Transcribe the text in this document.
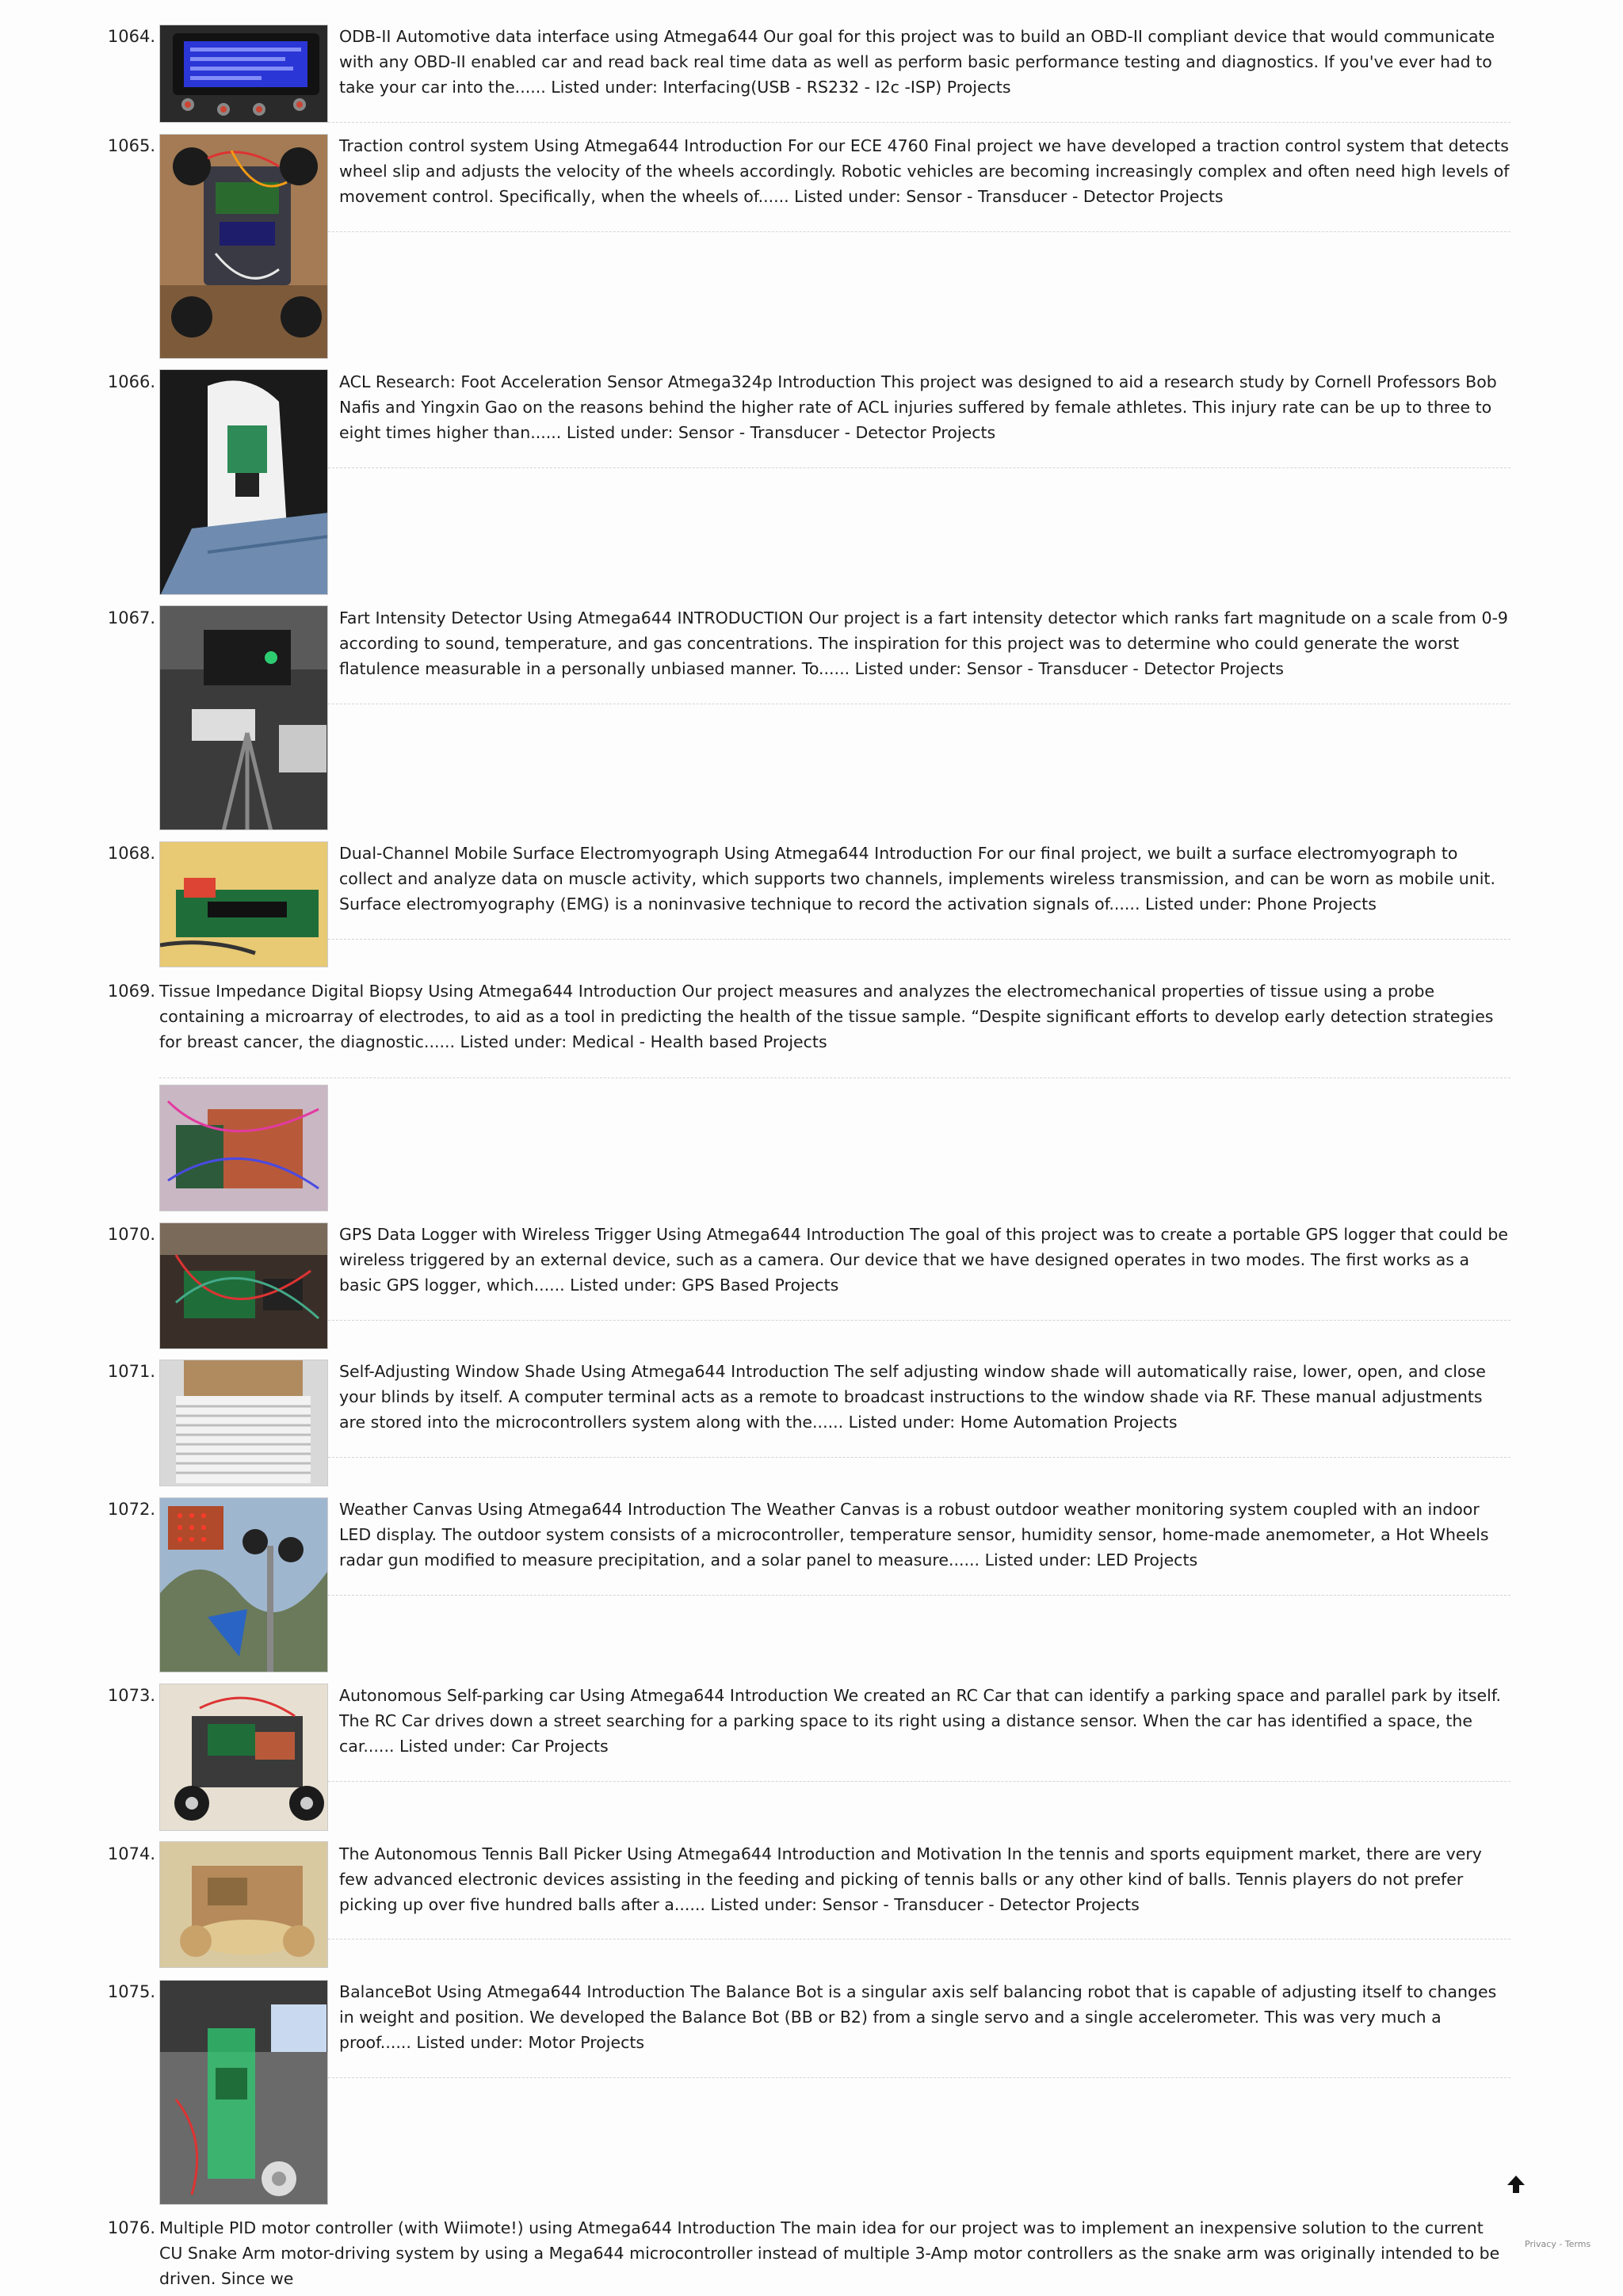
1064.	ODB-II Automotive data interface using Atmega644 Our goal for this project was to build an OBD-II compliant device that would communicate with any OBD-II enabled car and read back real time data as well as perform basic performance testing and diagnostics. If you've ever had to take your car into the...... Listed under: Interfacing(USB - RS232 - I2c -ISP) Projects
1065.	Traction control system Using Atmega644 Introduction For our ECE 4760 Final project we have developed a traction control system that detects wheel slip and adjusts the velocity of the wheels accordingly. Robotic vehicles are becoming increasingly complex and often need high levels of movement control. Specifically, when the wheels of...... Listed under: Sensor - Transducer - Detector Projects
1066.	ACL Research: Foot Acceleration Sensor Atmega324p Introduction This project was designed to aid a research study by Cornell Professors Bob Nafis and Yingxin Gao on the reasons behind the higher rate of ACL injuries suffered by female athletes. This injury rate can be up to three to eight times higher than...... Listed under: Sensor - Transducer - Detector Projects
1067.	Fart Intensity Detector Using Atmega644 INTRODUCTION Our project is a fart intensity detector which ranks fart magnitude on a scale from 0-9 according to sound, temperature, and gas concentrations. The inspiration for this project was to determine who could generate the worst flatulence measurable in a personally unbiased manner. To...... Listed under: Sensor - Transducer - Detector Projects
1068.	Dual-Channel Mobile Surface Electromyograph Using Atmega644 Introduction For our final project, we built a surface electromyograph to collect and analyze data on muscle activity, which supports two channels, implements wireless transmission, and can be worn as mobile unit. Surface electromyography (EMG) is a noninvasive technique to record the activation signals of...... Listed under: Phone Projects
1069. Tissue Impedance Digital Biopsy Using Atmega644 Introduction Our project measures and analyzes the electromechanical properties of tissue using a probe containing a microarray of electrodes, to aid as a tool in predicting the health of the tissue sample. “Despite significant efforts to develop early detection strategies for breast cancer, the diagnostic...... Listed under: Medical - Health based Projects
1070.	GPS Data Logger with Wireless Trigger Using Atmega644 Introduction The goal of this project was to create a portable GPS logger that could be wireless triggered by an external device, such as a camera. Our device that we have designed operates in two modes. The first works as a basic GPS logger, which...... Listed under: GPS Based Projects
1071.	Self-Adjusting Window Shade Using Atmega644 Introduction The self adjusting window shade will automatically raise, lower, open, and close your blinds by itself. A computer terminal acts as a remote to broadcast instructions to the window shade via RF. These manual adjustments are stored into the microcontrollers system along with the...... Listed under: Home Automation Projects
1072.	Weather Canvas Using Atmega644 Introduction The Weather Canvas is a robust outdoor weather monitoring system coupled with an indoor LED display. The outdoor system consists of a microcontroller, temperature sensor, humidity sensor, home-made anemometer, a Hot Wheels radar gun modified to measure precipitation, and a solar panel to measure...... Listed under: LED Projects
1073.	Autonomous Self-parking car Using Atmega644 Introduction We created an RC Car that can identify a parking space and parallel park by itself. The RC Car drives down a street searching for a parking space to its right using a distance sensor. When the car has identified a space, the car...... Listed under: Car Projects
1074.	The Autonomous Tennis Ball Picker Using Atmega644 Introduction and Motivation In the tennis and sports equipment market, there are very few advanced electronic devices assisting in the feeding and picking of tennis balls or any other kind of balls. Tennis players do not prefer picking up over five hundred balls after a...... Listed under: Sensor - Transducer - Detector Projects
1075.	BalanceBot Using Atmega644 Introduction The Balance Bot is a singular axis self balancing robot that is capable of adjusting itself to changes in weight and position. We developed the Balance Bot (BB or B2) from a single servo and a single accelerometer. This was very much a proof...... Listed under: Motor Projects
1076. Multiple PID motor controller (with Wiimote!) using Atmega644 Introduction The main idea for our project was to implement an inexpensive solution to the current CU Snake Arm motor-driving system by using a Mega644 microcontroller instead of multiple 3-Amp motor controllers as the snake arm was originally intended to be driven. Since we
Privacy - Terms
